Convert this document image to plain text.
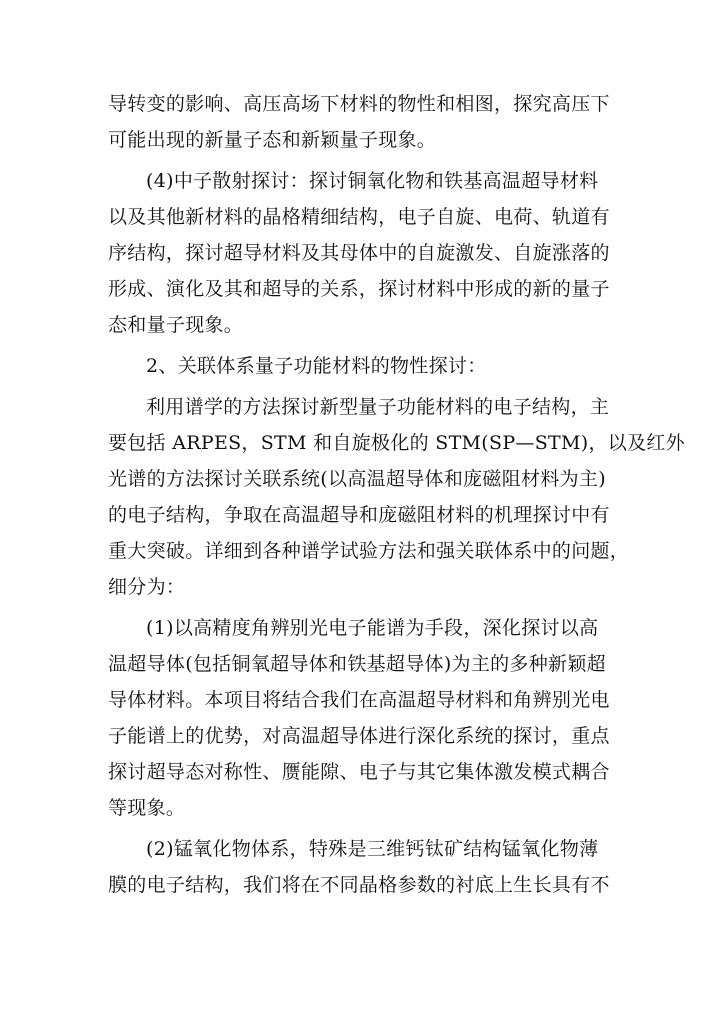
导转变的影响、高压高场下材料的物性和相图，探究高压下
可能出现的新量子态和新颖量子现象。
(4)中子散射探讨：探讨铜氧化物和铁基高温超导材料
以及其他新材料的晶格精细结构，电子自旋、电荷、轨道有
序结构，探讨超导材料及其母体中的自旋激发、自旋涨落的
形成、演化及其和超导的关系，探讨材料中形成的新的量子
态和量子现象。
2、关联体系量子功能材料的物性探讨：
利用谱学的方法探讨新型量子功能材料的电子结构，主
要包括 ARPES，STM 和自旋极化的 STM(SP—STM)，以及红外
光谱的方法探讨关联系统(以高温超导体和庞磁阻材料为主)
的电子结构，争取在高温超导和庞磁阻材料的机理探讨中有
重大突破。详细到各种谱学试验方法和强关联体系中的问题，
细分为：
(1)以高精度角辨别光电子能谱为手段，深化探讨以高
温超导体(包括铜氧超导体和铁基超导体)为主的多种新颖超
导体材料。本项目将结合我们在高温超导材料和角辨别光电
子能谱上的优势，对高温超导体进行深化系统的探讨，重点
探讨超导态对称性、赝能隙、电子与其它集体激发模式耦合
等现象。
(2)锰氧化物体系，特殊是三维钙钛矿结构锰氧化物薄
膜的电子结构，我们将在不同晶格参数的衬底上生长具有不
